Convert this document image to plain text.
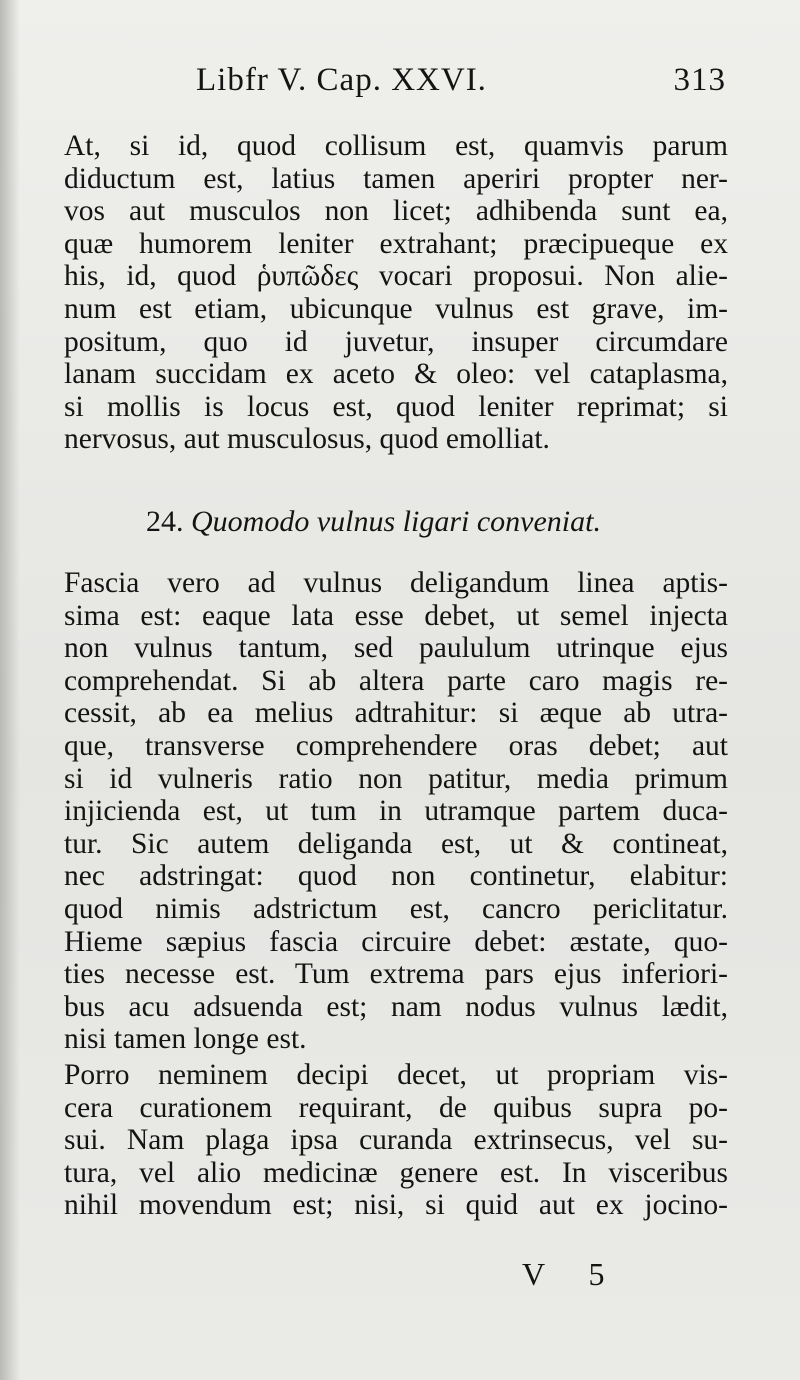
Libfr V. Cap. XXVI.	313
At, si id, quod collisum est, quamvis parum
diductum est, latius tamen aperiri propter ner-
vos aut musculos non licet; adhibenda sunt ea,
quæ humorem leniter extrahant; præcipueque ex
his, id, quod ῥυπῶδες vocari proposui. Non alie-
num est etiam, ubicunque vulnus est grave, im-
positum, quo id juvetur, insuper circumdare
lanam succidam ex aceto & oleo: vel cataplasma,
si mollis is locus est, quod leniter reprimat; si
nervosus, aut musculosus, quod emolliat.
24. Quomodo vulnus ligari conveniat.
Fascia vero ad vulnus deligandum linea aptis-
sima est: eaque lata esse debet, ut semel injecta
non vulnus tantum, sed paululum utrinque ejus
comprehendat. Si ab altera parte caro magis re-
cessit, ab ea melius adtrahitur: si æque ab utra-
que, transverse comprehendere oras debet; aut
si id vulneris ratio non patitur, media primum
injicienda est, ut tum in utramque partem duca-
tur. Sic autem deliganda est, ut & contineat,
nec adstringat: quod non continetur, elabitur:
quod nimis adstrictum est, cancro periclitatur.
Hieme sæpius fascia circuire debet: æstate, quo-
ties necesse est. Tum extrema pars ejus inferiori-
bus acu adsuenda est; nam nodus vulnus lædit,
nisi tamen longe est.
Porro neminem decipi decet, ut propriam vis-
cera curationem requirant, de quibus supra po-
sui. Nam plaga ipsa curanda extrinsecus, vel su-
tura, vel alio medicinæ genere est. In visceribus
nihil movendum est; nisi, si quid aut ex jocino-
V 5
